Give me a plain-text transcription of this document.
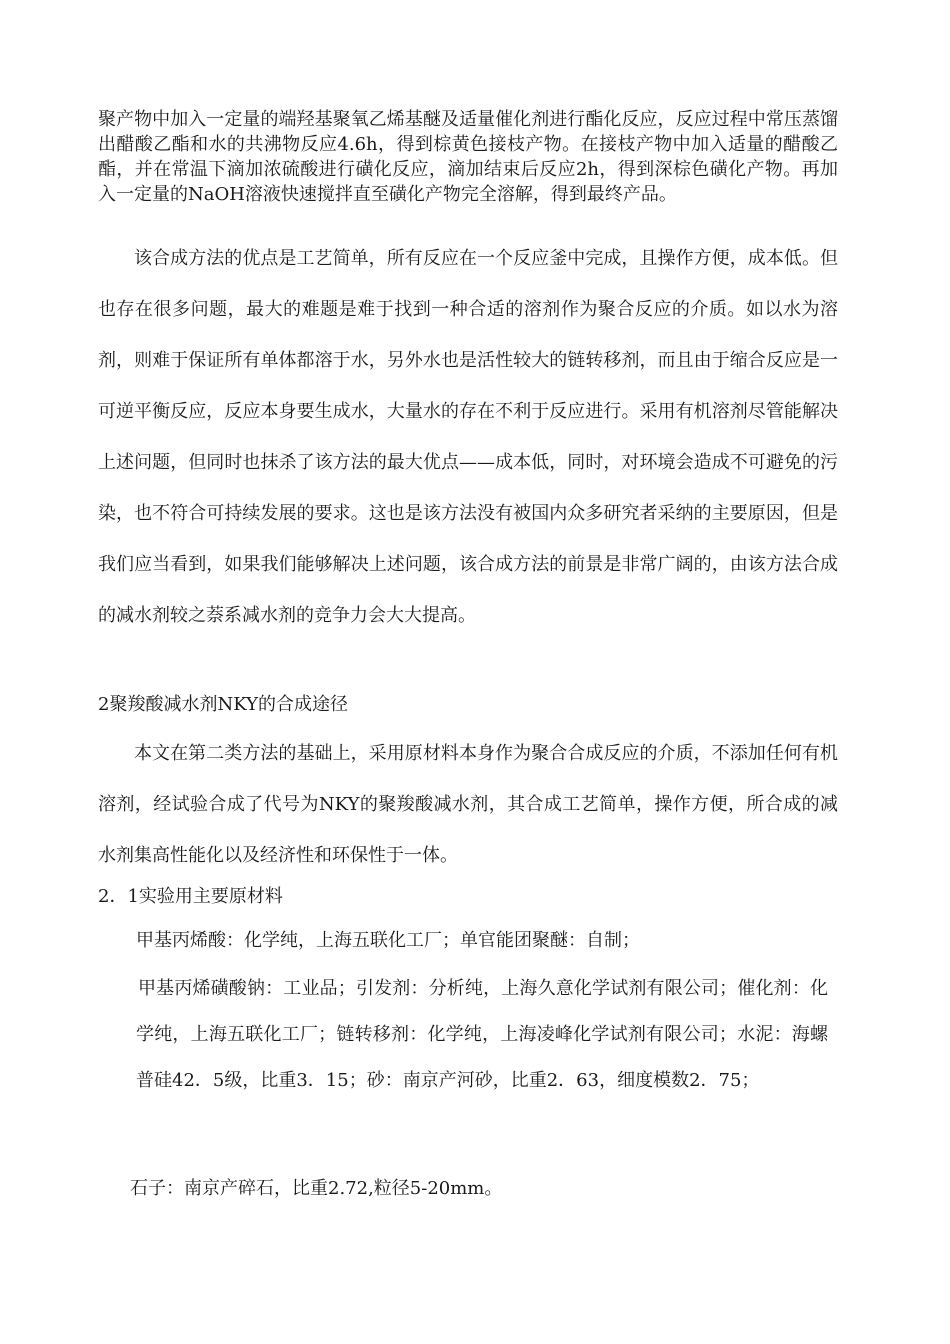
聚产物中加入一定量的端羟基聚氧乙烯基醚及适量催化剂进行酯化反应，反应过程中常压蒸馏出醋酸乙酯和水的共沸物反应4.6h，得到棕黄色接枝产物。在接枝产物中加入适量的醋酸乙酯，并在常温下滴加浓硫酸进行磺化反应，滴加结束后反应2h，得到深棕色磺化产物。再加入一定量的NaOH溶液快速搅拌直至磺化产物完全溶解，得到最终产品。

该合成方法的优点是工艺简单，所有反应在一个反应釜中完成，且操作方便，成本低。但也存在很多问题，最大的难题是难于找到一种合适的溶剂作为聚合反应的介质。如以水为溶剂，则难于保证所有单体都溶于水，另外水也是活性较大的链转移剂，而且由于缩合反应是一可逆平衡反应，反应本身要生成水，大量水的存在不利于反应进行。采用有机溶剂尽管能解决上述问题，但同时也抹杀了该方法的最大优点——成本低，同时，对环境会造成不可避免的污染，也不符合可持续发展的要求。这也是该方法没有被国内众多研究者采纳的主要原因，但是我们应当看到，如果我们能够解决上述问题，该合成方法的前景是非常广阔的，由该方法合成的减水剂较之萘系减水剂的竞争力会大大提高。

2聚羧酸减水剂NKY的合成途径

本文在第二类方法的基础上，采用原材料本身作为聚合合成反应的介质，不添加任何有机溶剂，经试验合成了代号为NKY的聚羧酸减水剂，其合成工艺简单，操作方便，所合成的减水剂集高性能化以及经济性和环保性于一体。

2．1实验用主要原材料

甲基丙烯酸：化学纯，上海五联化工厂；单官能团聚醚：自制；

甲基丙烯磺酸钠：工业品；引发剂：分析纯，上海久意化学试剂有限公司；催化剂：化学纯，上海五联化工厂；链转移剂：化学纯，上海凌峰化学试剂有限公司；水泥：海螺普硅42．5级，比重3．15；砂：南京产河砂，比重2．63，细度模数2．75；

石子：南京产碎石，比重2.72,粒径5-20mm。
